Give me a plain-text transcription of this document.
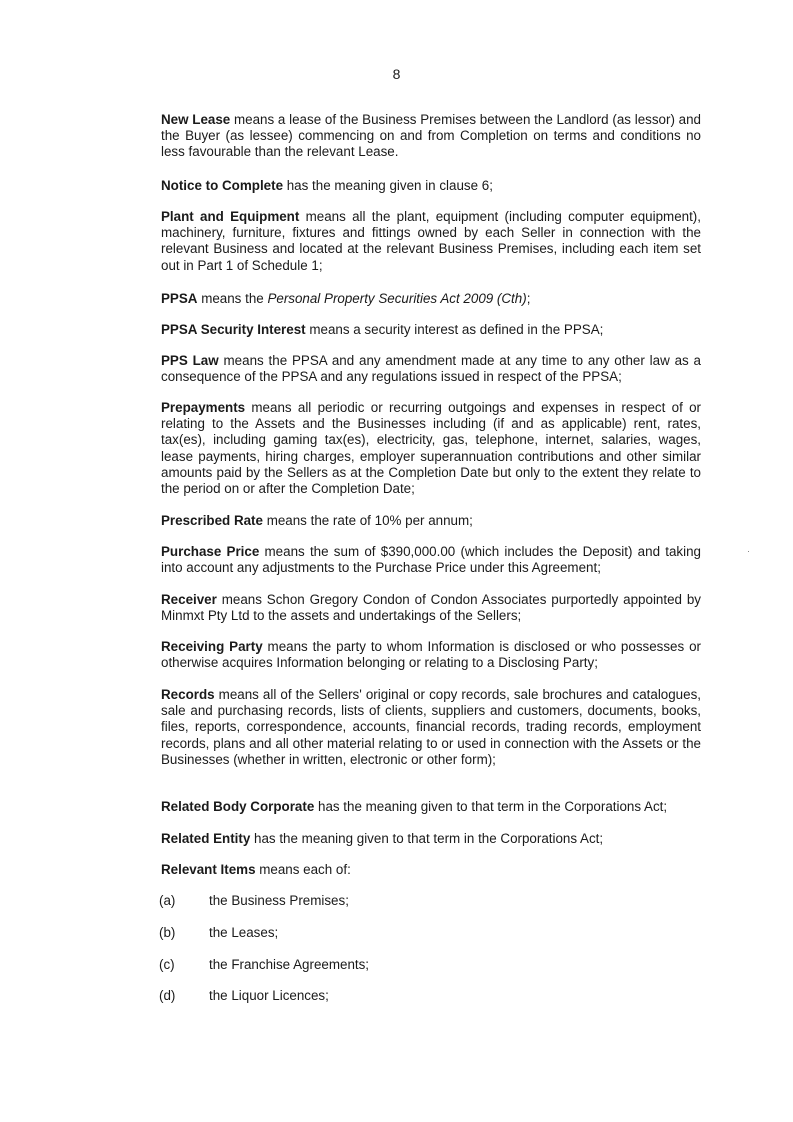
8
New Lease means a lease of the Business Premises between the Landlord (as lessor) and the Buyer (as lessee) commencing on and from Completion on terms and conditions no less favourable than the relevant Lease.
Notice to Complete has the meaning given in clause 6;
Plant and Equipment means all the plant, equipment (including computer equipment), machinery, furniture, fixtures and fittings owned by each Seller in connection with the relevant Business and located at the relevant Business Premises, including each item set out in Part 1 of Schedule 1;
PPSA means the Personal Property Securities Act 2009 (Cth);
PPSA Security Interest means a security interest as defined in the PPSA;
PPS Law means the PPSA and any amendment made at any time to any other law as a consequence of the PPSA and any regulations issued in respect of the PPSA;
Prepayments means all periodic or recurring outgoings and expenses in respect of or relating to the Assets and the Businesses including (if and as applicable) rent, rates, tax(es), including gaming tax(es), electricity, gas, telephone, internet, salaries, wages, lease payments, hiring charges, employer superannuation contributions and other similar amounts paid by the Sellers as at the Completion Date but only to the extent they relate to the period on or after the Completion Date;
Prescribed Rate means the rate of 10% per annum;
Purchase Price means the sum of $390,000.00 (which includes the Deposit) and taking into account any adjustments to the Purchase Price under this Agreement;
Receiver means Schon Gregory Condon of Condon Associates purportedly appointed by Minmxt Pty Ltd to the assets and undertakings of the Sellers;
Receiving Party means the party to whom Information is disclosed or who possesses or otherwise acquires Information belonging or relating to a Disclosing Party;
Records means all of the Sellers' original or copy records, sale brochures and catalogues, sale and purchasing records, lists of clients, suppliers and customers, documents, books, files, reports, correspondence, accounts, financial records, trading records, employment records, plans and all other material relating to or used in connection with the Assets or the Businesses (whether in written, electronic or other form);
Related Body Corporate has the meaning given to that term in the Corporations Act;
Related Entity has the meaning given to that term in the Corporations Act;
Relevant Items means each of:
(a)	the Business Premises;
(b)	the Leases;
(c)	the Franchise Agreements;
(d)	the Liquor Licences;
